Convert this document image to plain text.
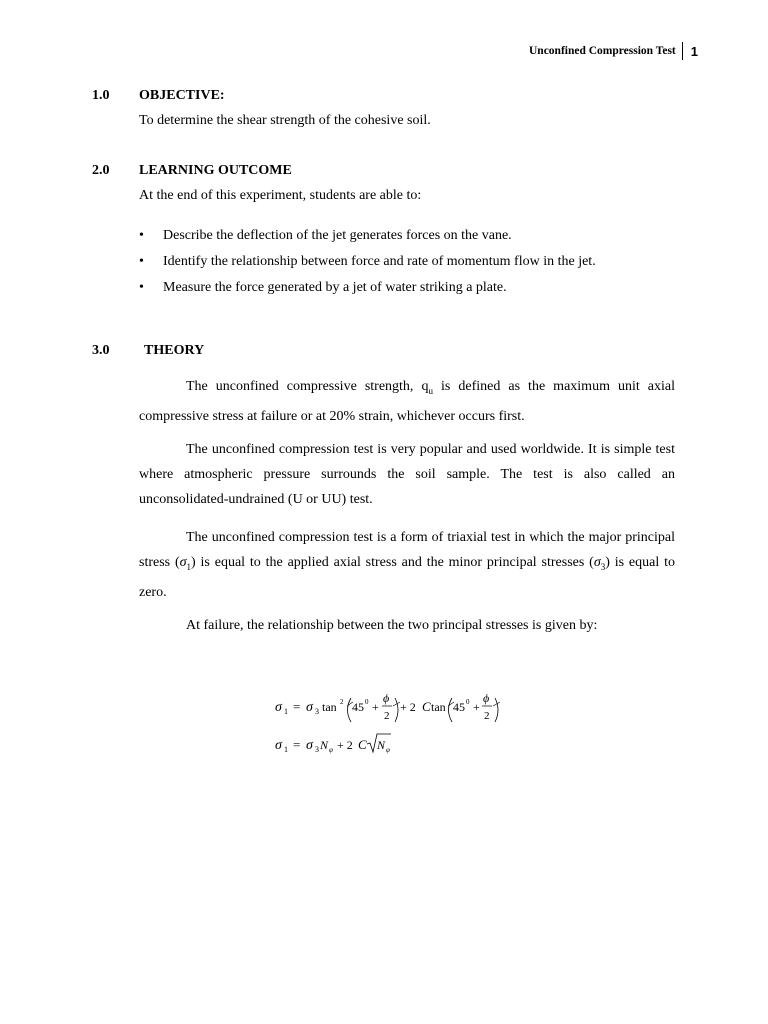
Unconfined Compression Test 1
1.0 OBJECTIVE:
To determine the shear strength of the cohesive soil.
2.0 LEARNING OUTCOME
At the end of this experiment, students are able to:
•	Describe the deflection of the jet generates forces on the vane.
•	Identify the relationship between force and rate of momentum flow in the jet.
•	Measure the force generated by a jet of water striking a plate.
3.0 THEORY

The unconfined compressive strength, $q_u$ is defined as the maximum unit axial compressive stress at failure or at 20% strain, whichever occurs first.

The unconfined compression test is very popular and used worldwide. It is simple test where atmospheric pressure surrounds the soil sample. The test is also called an unconsolidated-undrained (U or UU) test.

The unconfined compression test is a form of triaxial test in which the major principal stress $(\sigma_1)$ is equal to the applied axial stress and the minor principal stresses $(\sigma_3)$ is equal to zero.

At failure, the relationship between the two principal stresses is given by:

σ 1 = σ 3 tan 2 45 0 +
ϕ
2
+ 2 C tan 45 0 +
ϕ
2
σ 1 = σ 3 N φ + 2 C N φ
